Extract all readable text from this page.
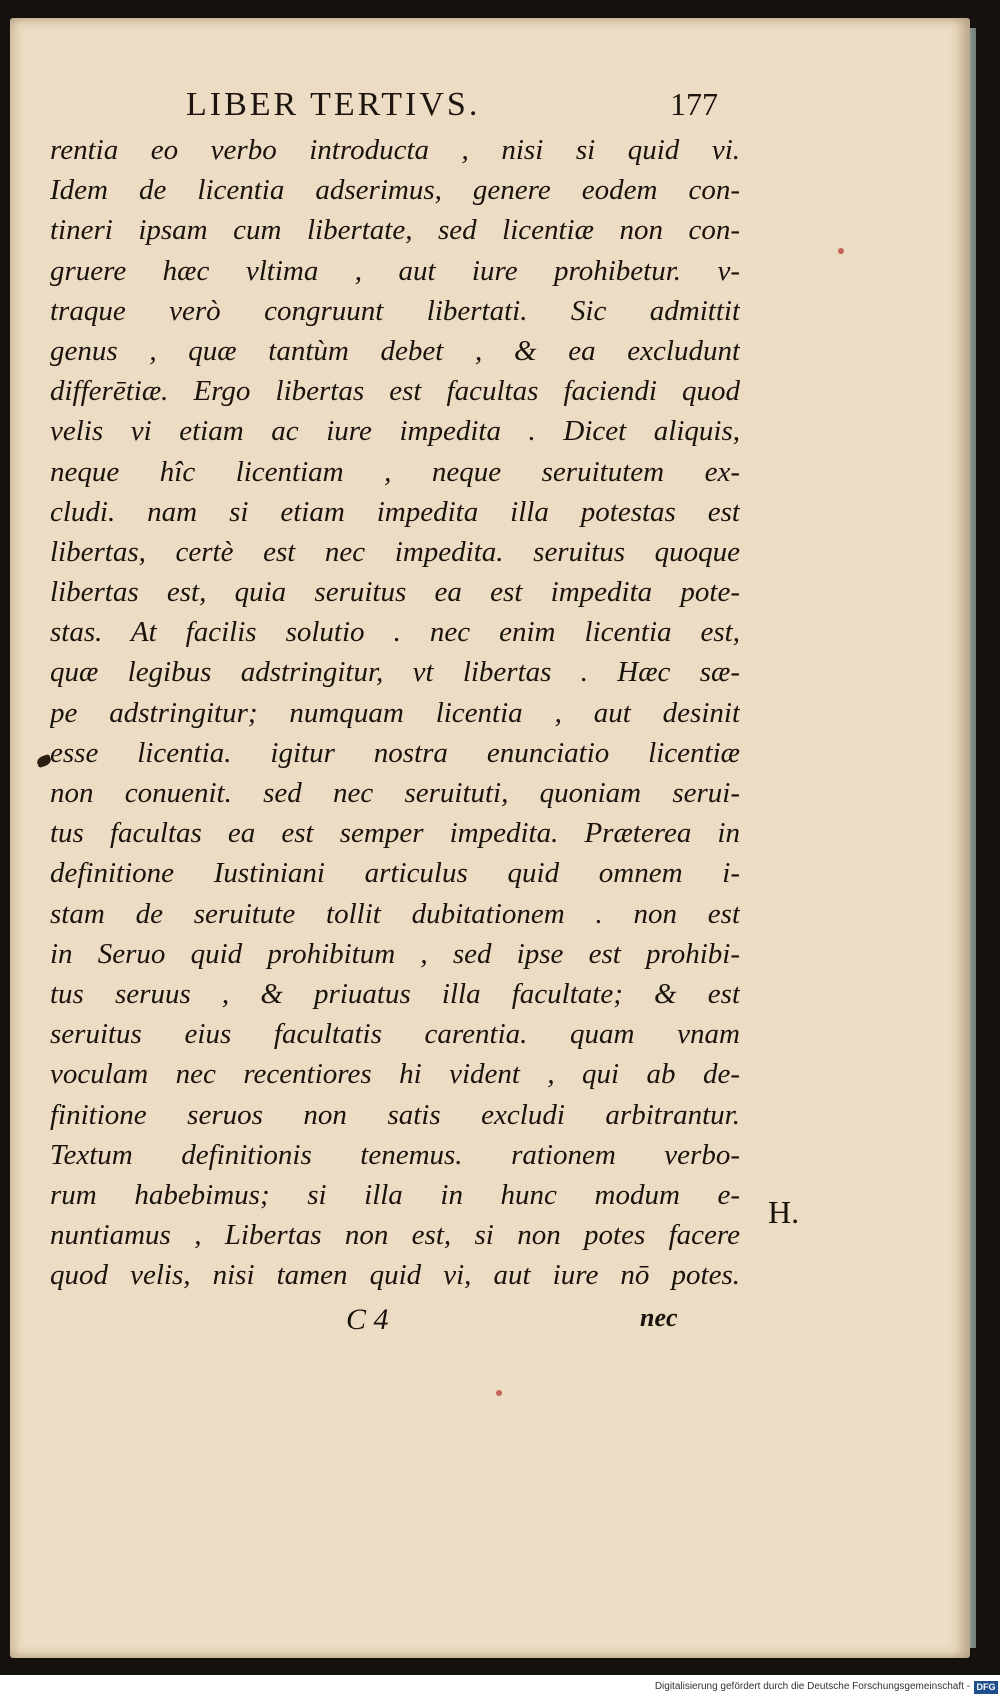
LIBER TERTIVS.	177
rentia eo verbo introducta , nisi si quid vi.
Idem de licentia adserimus, genere eodem con-
tineri ipsam cum libertate, sed licentiæ non con-
gruere hæc vltima , aut iure prohibetur. v-
traque verò congruunt libertati. Sic admittit
genus , quæ tantùm debet , & ea excludunt
differētiæ. Ergo libertas est facultas faciendi quod
velis vi etiam ac iure impedita . Dicet aliquis,
neque hîc licentiam , neque seruitutem ex-
cludi. nam si etiam impedita illa potestas est
libertas, certè est nec impedita. seruitus quoque
libertas est, quia seruitus ea est impedita pote-
stas. At facilis solutio . nec enim licentia est,
quæ legibus adstringitur, vt libertas . Hæc sæ-
pe adstringitur; numquam licentia , aut desinit
esse licentia. igitur nostra enunciatio licentiæ
non conuenit. sed nec seruituti, quoniam serui-
tus facultas ea est semper impedita. Præterea in
definitione Iustiniani articulus quid omnem i-
stam de seruitute tollit dubitationem . non est
in Seruo quid prohibitum , sed ipse est prohibi-
tus seruus , & priuatus illa facultate; & est
seruitus eius facultatis carentia. quam vnam
voculam nec recentiores hi vident , qui ab de-
finitione seruos non satis excludi arbitrantur.
Textum definitionis tenemus. rationem verbo-
rum habebimus; si illa in hunc modum e-
nuntiamus , Libertas non est, si non potes facere
quod velis, nisi tamen quid vi, aut iure nō potes.
H.
C 4	nec
Digitalisierung gefördert durch die Deutsche Forschungsgemeinschaft - DFG
